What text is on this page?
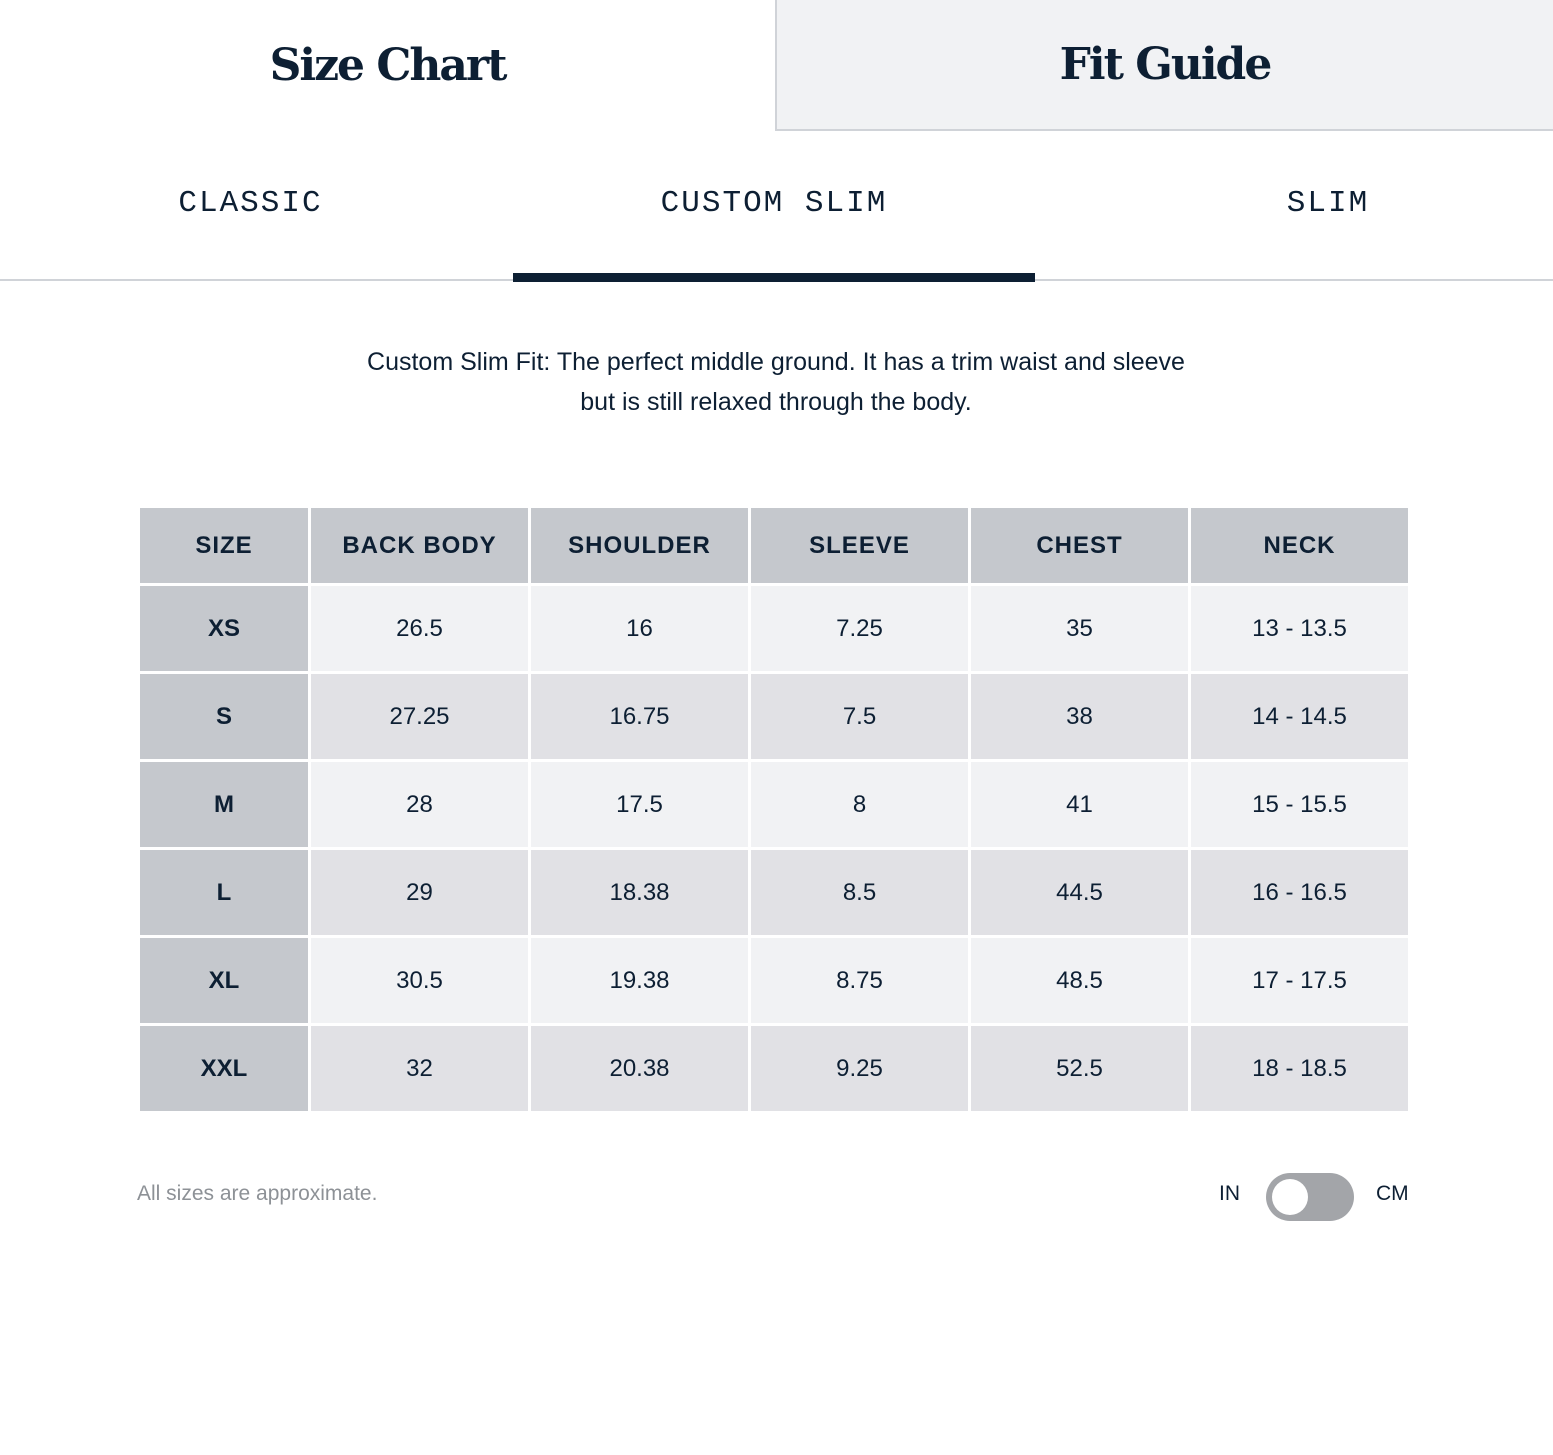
Size Chart	Fit Guide
CLASSIC	CUSTOM SLIM	SLIM
Custom Slim Fit: The perfect middle ground. It has a trim waist and sleeve
but is still relaxed through the body.
SIZE	BACK BODY	SHOULDER	SLEEVE	CHEST	NECK
XS	26.5	16	7.25	35	13 - 13.5
S	27.25	16.75	7.5	38	14 - 14.5
M	28	17.5	8	41	15 - 15.5
L	29	18.38	8.5	44.5	16 - 16.5
XL	30.5	19.38	8.75	48.5	17 - 17.5
XXL	32	20.38	9.25	52.5	18 - 18.5
All sizes are approximate.	IN	CM
